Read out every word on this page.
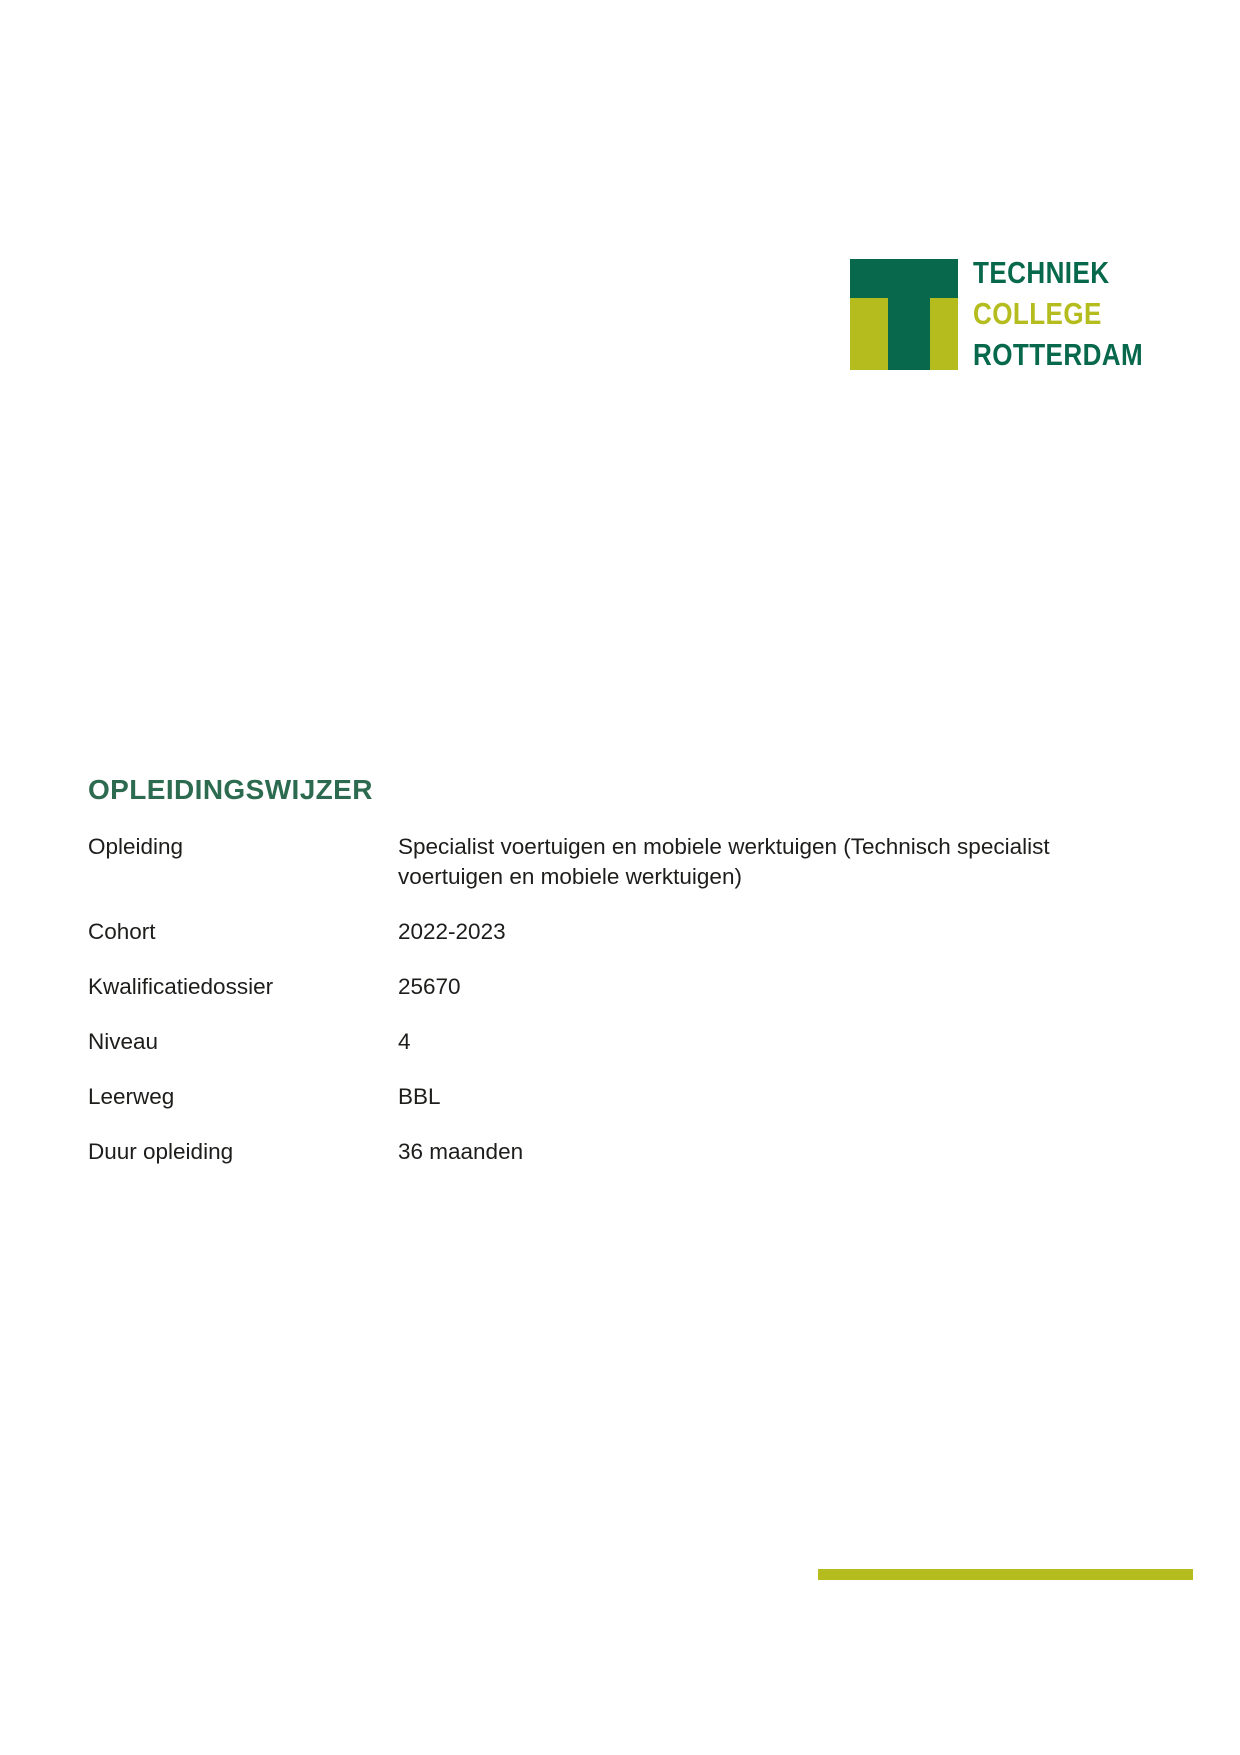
TECHNIEK
COLLEGE
ROTTERDAM
OPLEIDINGSWIJZER
Opleiding	Specialist voertuigen en mobiele werktuigen (Technisch specialist voertuigen en mobiele werktuigen)
Cohort	2022-2023
Kwalificatiedossier	25670
Niveau	4
Leerweg	BBL
Duur opleiding	36 maanden
